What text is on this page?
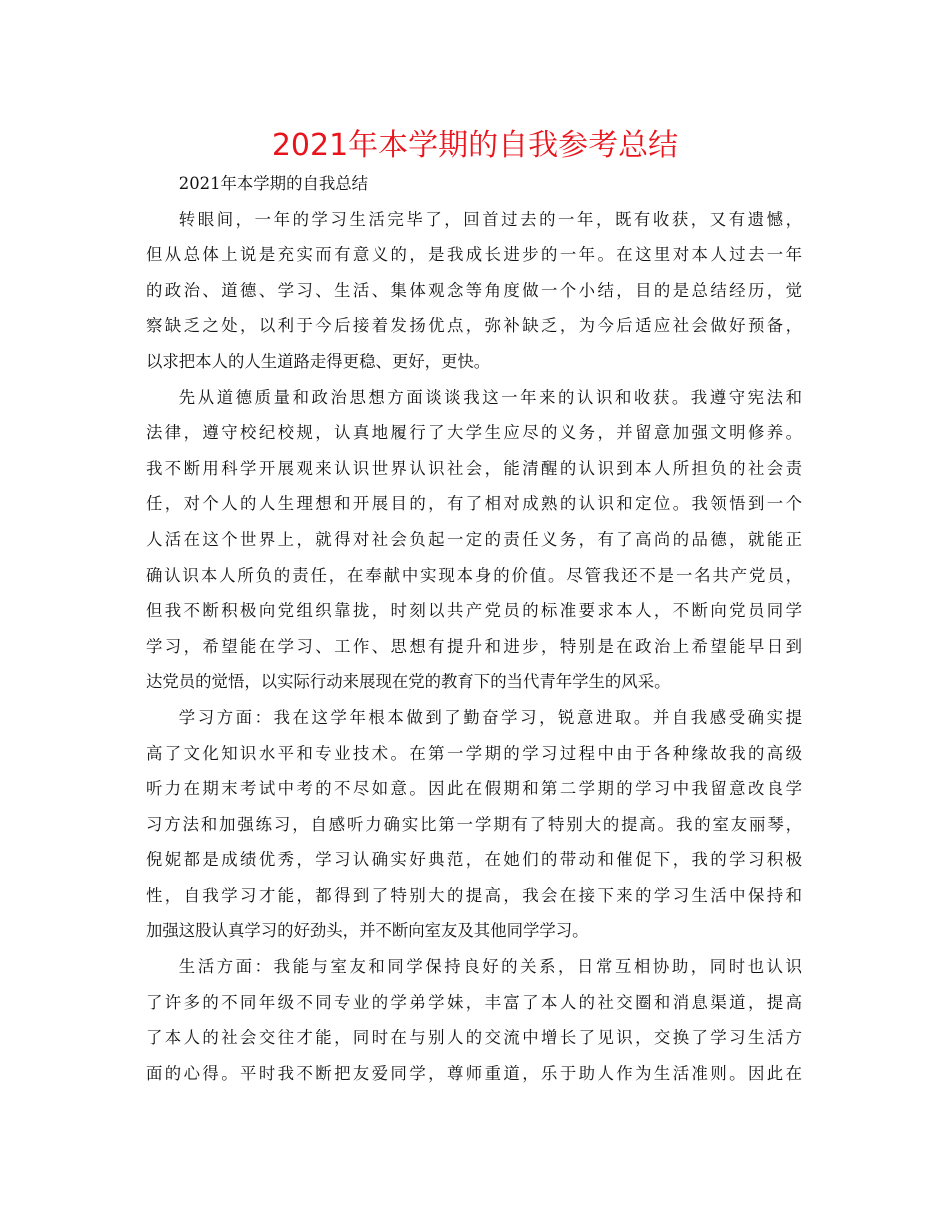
2021年本学期的自我参考总结

2021年本学期的自我总结

转眼间，一年的学习生活完毕了，回首过去的一年，既有收获，又有遗憾，
但从总体上说是充实而有意义的，是我成长进步的一年。在这里对本人过去一年
的政治、道德、学习、生活、集体观念等角度做一个小结，目的是总结经历，觉
察缺乏之处，以利于今后接着发扬优点，弥补缺乏，为今后适应社会做好预备，
以求把本人的人生道路走得更稳、更好，更快。
先从道德质量和政治思想方面谈谈我这一年来的认识和收获。我遵守宪法和
法律，遵守校纪校规，认真地履行了大学生应尽的义务，并留意加强文明修养。
我不断用科学开展观来认识世界认识社会，能清醒的认识到本人所担负的社会责
任，对个人的人生理想和开展目的，有了相对成熟的认识和定位。我领悟到一个
人活在这个世界上，就得对社会负起一定的责任义务，有了高尚的品德，就能正
确认识本人所负的责任，在奉献中实现本身的价值。尽管我还不是一名共产党员，
但我不断积极向党组织靠拢，时刻以共产党员的标准要求本人，不断向党员同学
学习，希望能在学习、工作、思想有提升和进步，特别是在政治上希望能早日到
达党员的觉悟，以实际行动来展现在党的教育下的当代青年学生的风采。
学习方面：我在这学年根本做到了勤奋学习，锐意进取。并自我感受确实提
高了文化知识水平和专业技术。在第一学期的学习过程中由于各种缘故我的高级
听力在期末考试中考的不尽如意。因此在假期和第二学期的学习中我留意改良学
习方法和加强练习，自感听力确实比第一学期有了特别大的提高。我的室友丽琴，
倪妮都是成绩优秀，学习认确实好典范，在她们的带动和催促下，我的学习积极
性，自我学习才能，都得到了特别大的提高，我会在接下来的学习生活中保持和
加强这股认真学习的好劲头，并不断向室友及其他同学学习。
生活方面：我能与室友和同学保持良好的关系，日常互相协助，同时也认识
了许多的不同年级不同专业的学弟学妹，丰富了本人的社交圈和消息渠道，提高
了本人的社会交往才能，同时在与别人的交流中增长了见识，交换了学习生活方
面的心得。平时我不断把友爱同学，尊师重道，乐于助人作为生活准则。因此在
